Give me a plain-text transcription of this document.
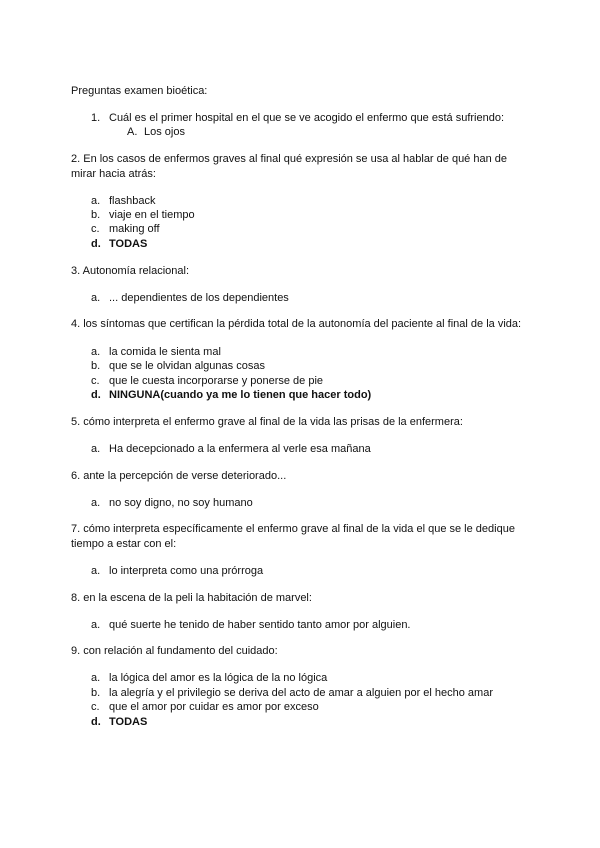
Preguntas examen bioética:
1. Cuál es el primer hospital en el que se ve acogido el enfermo que está sufriendo:
A. Los ojos
2. En los casos de enfermos graves al final qué expresión se usa al hablar de qué han de
mirar hacia atrás:
a. flashback
b. viaje en el tiempo
c. making off
d. TODAS
3. Autonomía relacional:
a. ... dependientes de los dependientes
4. los síntomas que certifican la pérdida total de la autonomía del paciente al final de la vida:
a. la comida le sienta mal
b. que se le olvidan algunas cosas
c. que le cuesta incorporarse y ponerse de pie
d. NINGUNA(cuando ya me lo tienen que hacer todo)
5. cómo interpreta el enfermo grave al final de la vida las prisas de la enfermera:
a. Ha decepcionado a la enfermera al verle esa mañana
6. ante la percepción de verse deteriorado...
a. no soy digno, no soy humano
7. cómo interpreta específicamente el enfermo grave al final de la vida el que se le dedique
tiempo a estar con el:
a. lo interpreta como una prórroga
8. en la escena de la peli la habitación de marvel:
a. qué suerte he tenido de haber sentido tanto amor por alguien.
9. con relación al fundamento del cuidado:
a. la lógica del amor es la lógica de la no lógica
b. la alegría y el privilegio se deriva del acto de amar a alguien por el hecho amar
c. que el amor por cuidar es amor por exceso
d. TODAS
